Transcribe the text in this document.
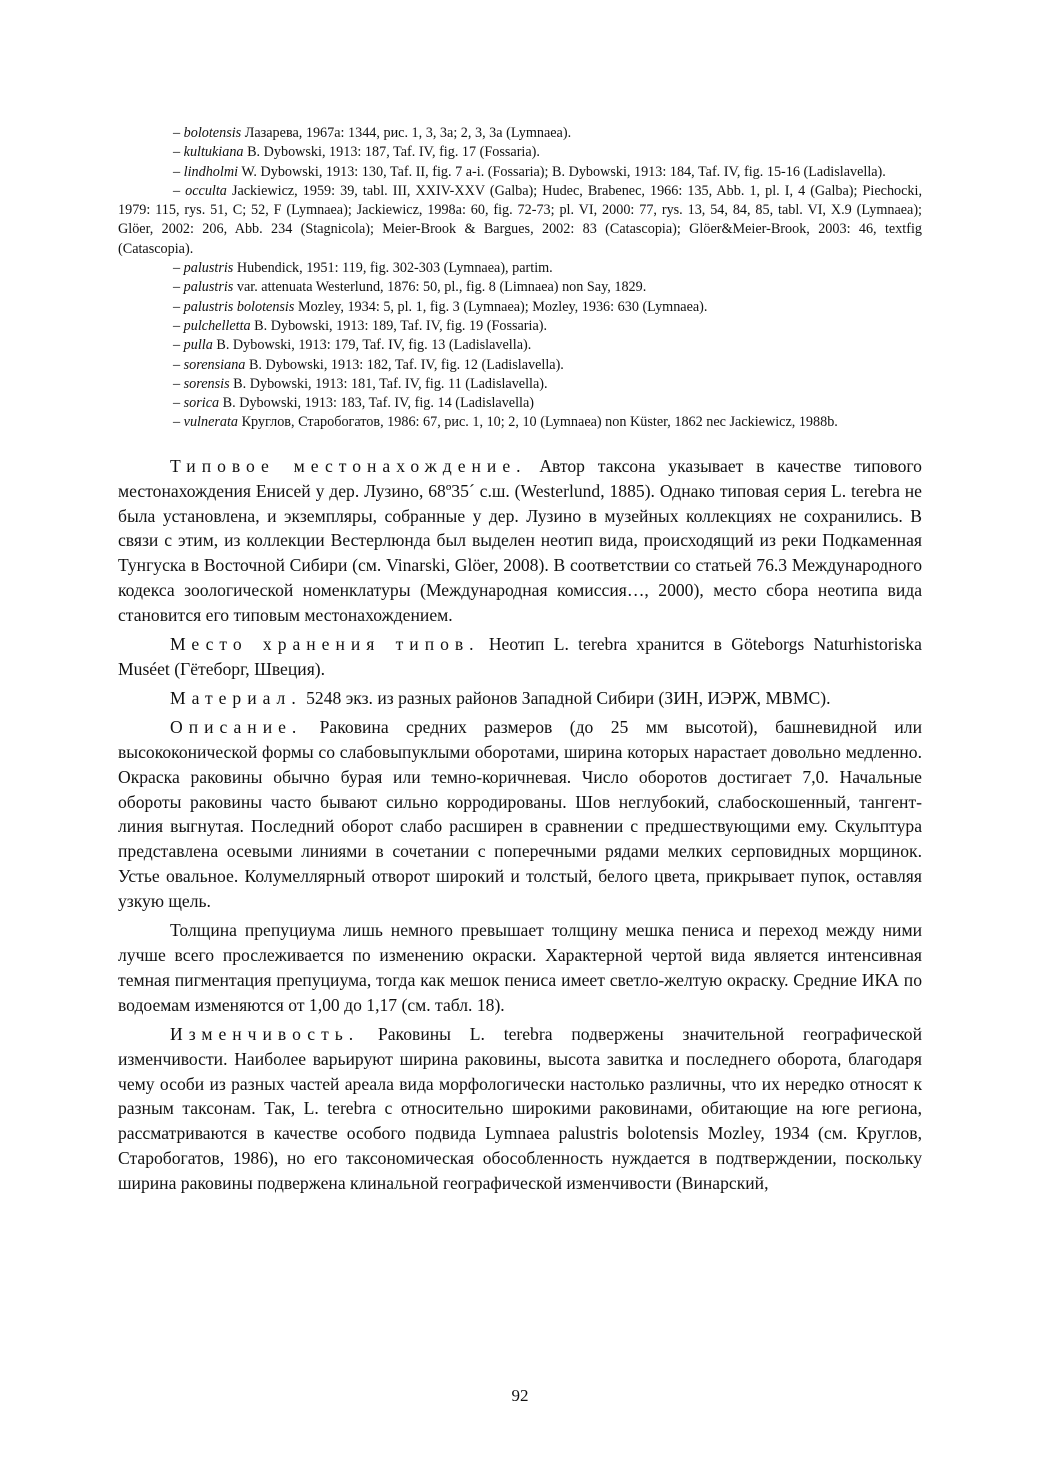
– bolotensis Лазарева, 1967а: 1344, рис. 1, 3, 3а; 2, 3, 3а (Lymnaea).

– kultukiana B. Dybowski, 1913: 187, Taf. IV, fig. 17 (Fossaria).

– lindholmi W. Dybowski, 1913: 130, Taf. II, fig. 7 a-i. (Fossaria); B. Dybowski, 1913: 184, Taf. IV, fig. 15-16 (Ladislavella).

– occulta Jackiewicz, 1959: 39, tabl. III, XXIV-XXV (Galba); Hudec, Brabenec, 1966: 135, Abb. 1, pl. I, 4 (Galba); Piechocki, 1979: 115, rys. 51, C; 52, F (Lymnaea); Jackiewicz, 1998a: 60, fig. 72-73; pl. VI, 2000: 77, rys. 13, 54, 84, 85, tabl. VI, X.9 (Lymnaea); Glöer, 2002: 206, Abb. 234 (Stagnicola); Meier-Brook & Bargues, 2002: 83 (Catascopia); Glöer&Meier-Brook, 2003: 46, textfig (Catascopia).

– palustris Hubendick, 1951: 119, fig. 302-303 (Lymnaea), partim.

– palustris var. attenuata Westerlund, 1876: 50, pl., fig. 8 (Limnaea) non Say, 1829.

– palustris bolotensis Mozley, 1934: 5, pl. 1, fig. 3 (Lymnaea); Mozley, 1936: 630 (Lymnaea).

– pulchelletta B. Dybowski, 1913: 189, Taf. IV, fig. 19 (Fossaria).

– pulla B. Dybowski, 1913: 179, Taf. IV, fig. 13 (Ladislavella).

– sorensiana B. Dybowski, 1913: 182, Taf. IV, fig. 12 (Ladislavella).

– sorensis B. Dybowski, 1913: 181, Taf. IV, fig. 11 (Ladislavella).

– sorica B. Dybowski, 1913: 183, Taf. IV, fig. 14 (Ladislavella)

– vulnerata Круглов, Старобогатов, 1986: 67, рис. 1, 10; 2, 10 (Lymnaea) non Küster, 1862 nec Jackiewicz, 1988b.

Типовое местонахождение. Автор таксона указывает в качестве типового местонахождения Енисей у дер. Лузино, 68º35´ с.ш. (Westerlund, 1885). Однако типовая серия L. terebra не была установлена, и экземпляры, собранные у дер. Лузино в музейных коллекциях не сохранились. В связи с этим, из коллекции Вестерлюнда был выделен неотип вида, происходящий из реки Подкаменная Тунгуска в Восточной Сибири (см. Vinarski, Glöer, 2008). В соответствии со статьей 76.3 Международного кодекса зоологической номенклатуры (Международная комиссия…, 2000), место сбора неотипа вида становится его типовым местонахождением.

Место хранения типов. Неотип L. terebra хранится в Göteborgs Naturhistoriska Muséet (Гётеборг, Швеция).

Материал. 5248 экз. из разных районов Западной Сибири (ЗИН, ИЭРЖ, МВМС).

Описание. Раковина средних размеров (до 25 мм высотой), башневидной или высококонической формы со слабовыпуклыми оборотами, ширина которых нарастает довольно медленно. Окраска раковины обычно бурая или темно-коричневая. Число оборотов достигает 7,0. Начальные обороты раковины часто бывают сильно корродированы. Шов неглубокий, слабоскошенный, тангент-линия выгнутая. Последний оборот слабо расширен в сравнении с предшествующими ему. Скульптура представлена осевыми линиями в сочетании с поперечными рядами мелких серповидных морщинок. Устье овальное. Колумеллярный отворот широкий и толстый, белого цвета, прикрывает пупок, оставляя узкую щель.

Толщина препуциума лишь немного превышает толщину мешка пениса и переход между ними лучше всего прослеживается по изменению окраски. Характерной чертой вида является интенсивная темная пигментация препуциума, тогда как мешок пениса имеет светло-желтую окраску. Средние ИКА по водоемам изменяются от 1,00 до 1,17 (см. табл. 18).

Изменчивость. Раковины L. terebra подвержены значительной географической изменчивости. Наиболее варьируют ширина раковины, высота завитка и последнего оборота, благодаря чему особи из разных частей ареала вида морфологически настолько различны, что их нередко относят к разным таксонам. Так, L. terebra с относительно широкими раковинами, обитающие на юге региона, рассматриваются в качестве особого подвида Lymnaea palustris bolotensis Mozley, 1934 (см. Круглов, Старобогатов, 1986), но его таксономическая обособленность нуждается в подтверждении, поскольку ширина раковины подвержена клинальной географической изменчивости (Винарский,

92
